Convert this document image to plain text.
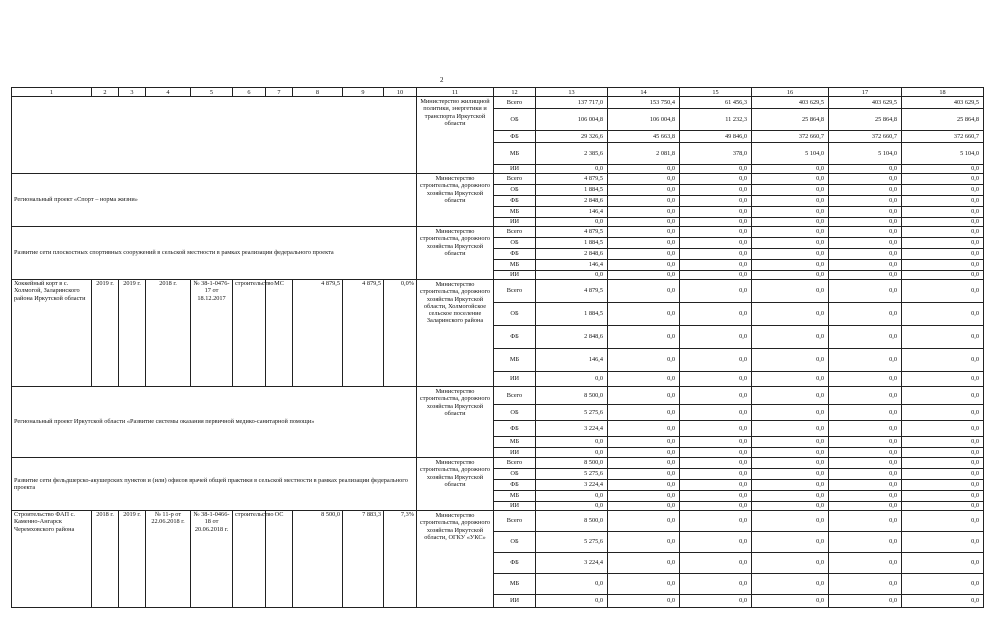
2
1	2	3	4	5	6	7	8	9	10	11	12	13	14	15	16	17	18
										Министерство жилищной политики, энергетики и транспорта Иркутской области	Всего	137 717,0	153 750,4	61 456,3	403 629,5	403 629,5	403 629,5
											ОБ	106 004,8	106 004,8	11 232,3	25 864,8	25 864,8	25 864,8
											ФБ	29 326,6	45 663,8	49 846,0	372 660,7	372 660,7	372 660,7
											МБ	2 385,6	2 081,8	378,0	5 104,0	5 104,0	5 104,0
											ИИ	0,0	0,0	0,0	0,0	0,0	0,0
Региональный проект «Спорт – норма жизни»										Министерство строительства, дорожного хозяйства Иркутской области	Всего	4 879,5	0,0	0,0	0,0	0,0	0,0
											ОБ	1 884,5	0,0	0,0	0,0	0,0	0,0
											ФБ	2 848,6	0,0	0,0	0,0	0,0	0,0
											МБ	146,4	0,0	0,0	0,0	0,0	0,0
											ИИ	0,0	0,0	0,0	0,0	0,0	0,0
Развитие сети плоскостных спортивных сооружений в сельской местности в рамках реализации федерального проекта										Министерство строительства, дорожного хозяйства Иркутской области	Всего	4 879,5	0,0	0,0	0,0	0,0	0,0
											ОБ	1 884,5	0,0	0,0	0,0	0,0	0,0
											ФБ	2 848,6	0,0	0,0	0,0	0,0	0,0
											МБ	146,4	0,0	0,0	0,0	0,0	0,0
											ИИ	0,0	0,0	0,0	0,0	0,0	0,0
Хоккейный корт в с. Холмогой, Заларинского района Иркутской области	2019 г.	2019 г.	2018 г.	№ 38-1-0476-17 от 18.12.2017	строительство	МС	4 879,5	4 879,5	0,0%	Министерство строительства, дорожного хозяйства Иркутской области, Холмогойское сельское поселение Заларинского района	Всего	4 879,5	0,0	0,0	0,0	0,0	0,0
											ОБ	1 884,5	0,0	0,0	0,0	0,0	0,0
											ФБ	2 848,6	0,0	0,0	0,0	0,0	0,0
											МБ	146,4	0,0	0,0	0,0	0,0	0,0
											ИИ	0,0	0,0	0,0	0,0	0,0	0,0
Региональный проект Иркутской области «Развитие системы оказания первичной медико-санитарной помощи»										Министерство строительства, дорожного хозяйства Иркутской области	Всего	8 500,0	0,0	0,0	0,0	0,0	0,0
											ОБ	5 275,6	0,0	0,0	0,0	0,0	0,0
											ФБ	3 224,4	0,0	0,0	0,0	0,0	0,0
											МБ	0,0	0,0	0,0	0,0	0,0	0,0
											ИИ	0,0	0,0	0,0	0,0	0,0	0,0
Развитие сети фельдшерско-акушерских пунктов и (или) офисов врачей общей практики в сельской местности в рамках реализации федерального проекта										Министерство строительства, дорожного хозяйства Иркутской области	Всего	8 500,0	0,0	0,0	0,0	0,0	0,0
											ОБ	5 275,6	0,0	0,0	0,0	0,0	0,0
											ФБ	3 224,4	0,0	0,0	0,0	0,0	0,0
											МБ	0,0	0,0	0,0	0,0	0,0	0,0
											ИИ	0,0	0,0	0,0	0,0	0,0	0,0
Строительство ФАП с. Каменно-Ангарск Черемховского района	2018 г.	2019 г.	№ 11-р от 22.06.2018 г.	№ 38-1-0466-18 от 20.06.2018 г.	строительство	ОС	8 500,0	7 883,3	7,3%	Министерство строительства, дорожного хозяйства Иркутской области, ОГКУ «УКС»	Всего	8 500,0	0,0	0,0	0,0	0,0	0,0
											ОБ	5 275,6	0,0	0,0	0,0	0,0	0,0
											ФБ	3 224,4	0,0	0,0	0,0	0,0	0,0
											МБ	0,0	0,0	0,0	0,0	0,0	0,0
											ИИ	0,0	0,0	0,0	0,0	0,0	0,0
